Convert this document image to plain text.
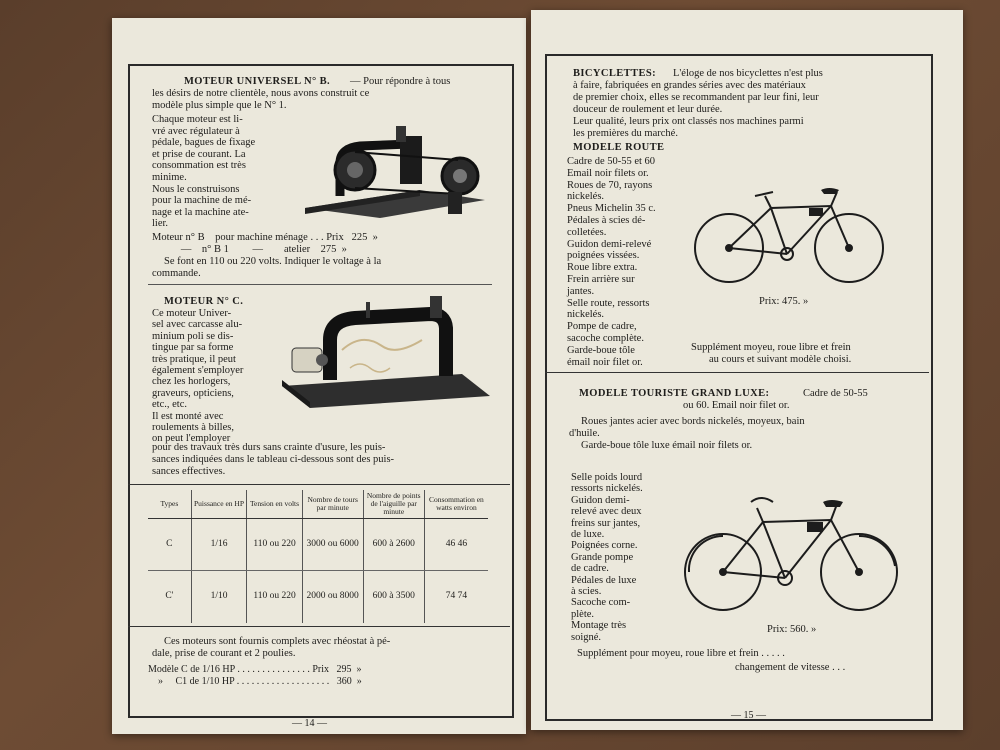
MOTEUR UNIVERSEL N° B. — Pour répondre à tous
les désirs de notre clientèle, nous avons construit ce
modèle plus simple que le N° 1.
Chaque moteur est li-
vré avec régulateur à
pédale, bagues de fixage
et prise de courant. La
consommation est très
minime.
Nous le construisons
pour la machine de mé-
nage et la machine ate-
lier.
Moteur n° B    pour machine ménage . . . Prix   225  »
—    n° B 1         —        atelier    275  »
Se font en 110 ou 220 volts. Indiquer le voltage à la
commande.
MOTEUR N° C.
Ce moteur Univer-
sel avec carcasse alu-
minium poli se dis-
tingue par sa forme
très pratique, il peut
également s'employer
chez les horlogers,
graveurs, opticiens,
etc., etc.
Il est monté avec
roulements à billes,
on peut l'employer
pour des travaux très durs sans crainte d'usure, les puis-
sances indiquées dans le tableau ci-dessous sont des puis-
sances effectives.
Types	Puissance en HP	Tension en volts	Nombre de tours par minute	Nombre de points de l'aiguille par minute	Consommation en watts environ
C	1/16	110 ou 220	3000 ou 6000	600 à 2600	46 46
C'	1/10	110 ou 220	2000 ou 8000	600 à 3500	74 74
Ces moteurs sont fournis complets avec rhéostat à pé-
dale, prise de courant et 2 poulies.
Modèle C de 1/16 HP . . . . . . . . . . . . . . . Prix   295  »
»     C1 de 1/10 HP . . . . . . . . . . . . . . . . . . .   360  »
— 14 —
BICYCLETTES: L'éloge de nos bicyclettes n'est plus
à faire, fabriquées en grandes séries avec des matériaux
de premier choix, elles se recommandent par leur fini, leur
douceur de roulement et leur durée.
Leur qualité, leurs prix ont classés nos machines parmi
les premières du marché.
MODELE ROUTE
Cadre de 50-55 et 60
Email noir filets or.
Roues de 70, rayons
nickelés.
Pneus Michelin 35 c.
Pédales à scies dé-
colletées.
Guidon demi-relevé
poignées vissées.
Roue libre extra.
Frein arrière sur
jantes.
Selle route, ressorts
nickelés.
Pompe de cadre,
sacoche complète.
Garde-boue tôle
émail noir filet or.
Prix: 475. »
Supplément moyeu, roue libre et frein
au cours et suivant modèle choisi.
MODELE TOURISTE GRAND LUXE:	Cadre de 50-55
ou 60. Email noir filet or.
Roues jantes acier avec bords nickelés, moyeux, bain
d'huile.
Garde-boue tôle luxe émail noir filets or.
Selle poids lourd
ressorts nickelés.
Guidon demi-
relevé avec deux
freins sur jantes,
de luxe.
Poignées corne.
Grande pompe
de cadre.
Pédales de luxe
à scies.
Sacoche com-
plète.
Montage très
soigné.
Prix: 560. »
Supplément pour moyeu, roue libre et frein . . . . .
changement de vitesse . . .
— 15 —
